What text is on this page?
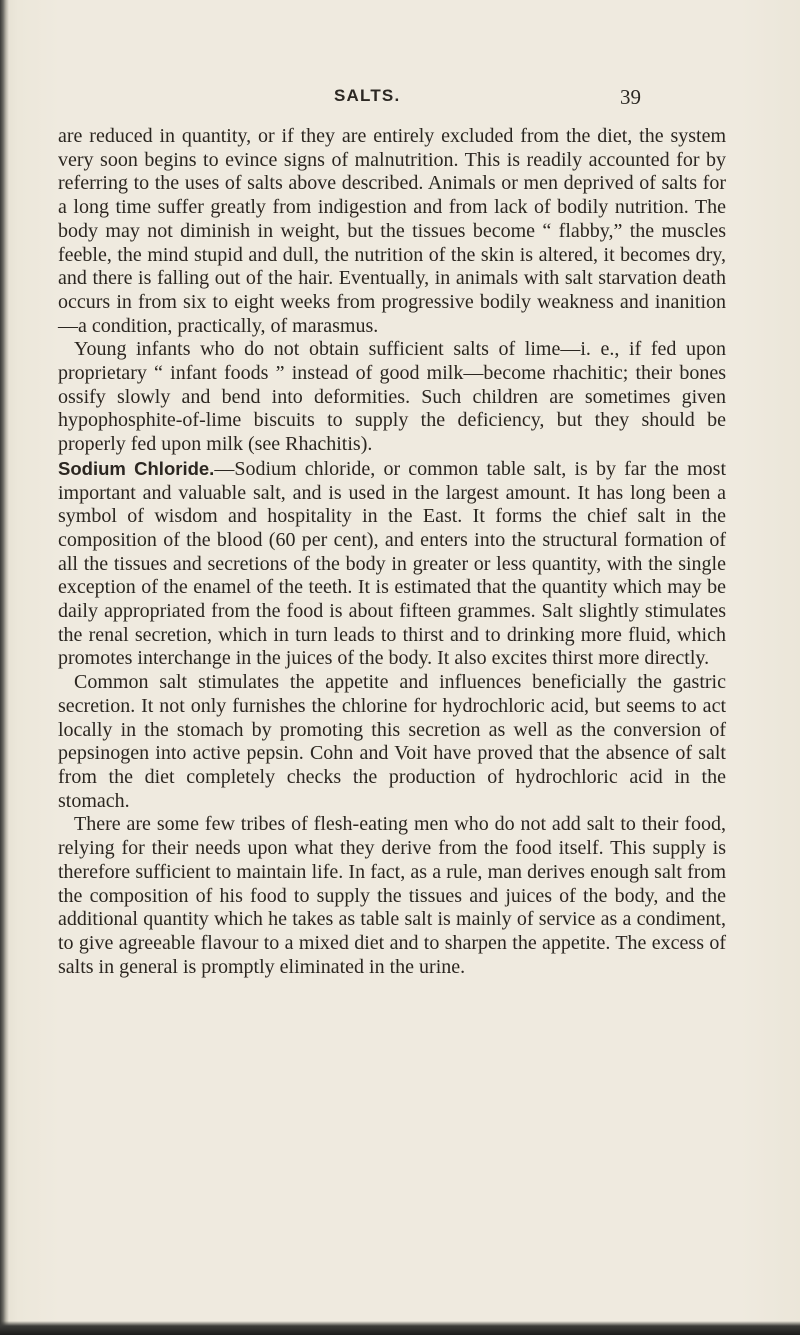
SALTS.	39

are reduced in quantity, or if they are entirely excluded from the diet, the system very soon begins to evince signs of malnutrition. This is readily accounted for by referring to the uses of salts above described. Animals or men deprived of salts for a long time suffer greatly from indigestion and from lack of bodily nutrition. The body may not diminish in weight, but the tissues become “ flabby,” the muscles feeble, the mind stupid and dull, the nutrition of the skin is altered, it becomes dry, and there is falling out of the hair. Eventually, in animals with salt starvation death occurs in from six to eight weeks from progressive bodily weakness and inanition—a condition, practically, of marasmus.

Young infants who do not obtain sufficient salts of lime—i. e., if fed upon proprietary “ infant foods ” instead of good milk—become rhachitic; their bones ossify slowly and bend into deformities. Such children are sometimes given hypophosphite-of-lime biscuits to supply the deficiency, but they should be properly fed upon milk (see Rhachitis).

Sodium Chloride.—Sodium chloride, or common table salt, is by far the most important and valuable salt, and is used in the largest amount. It has long been a symbol of wisdom and hospitality in the East. It forms the chief salt in the composition of the blood (60 per cent), and enters into the structural formation of all the tissues and secretions of the body in greater or less quantity, with the single exception of the enamel of the teeth. It is estimated that the quantity which may be daily appropriated from the food is about fifteen grammes. Salt slightly stimulates the renal secretion, which in turn leads to thirst and to drinking more fluid, which promotes interchange in the juices of the body. It also excites thirst more directly.

Common salt stimulates the appetite and influences beneficially the gastric secretion. It not only furnishes the chlorine for hydrochloric acid, but seems to act locally in the stomach by promoting this secretion as well as the conversion of pepsinogen into active pepsin. Cohn and Voit have proved that the absence of salt from the diet completely checks the production of hydrochloric acid in the stomach.

There are some few tribes of flesh-eating men who do not add salt to their food, relying for their needs upon what they derive from the food itself. This supply is therefore sufficient to maintain life. In fact, as a rule, man derives enough salt from the composition of his food to supply the tissues and juices of the body, and the additional quantity which he takes as table salt is mainly of service as a condiment, to give agreeable flavour to a mixed diet and to sharpen the appetite. The excess of salts in general is promptly eliminated in the urine.
